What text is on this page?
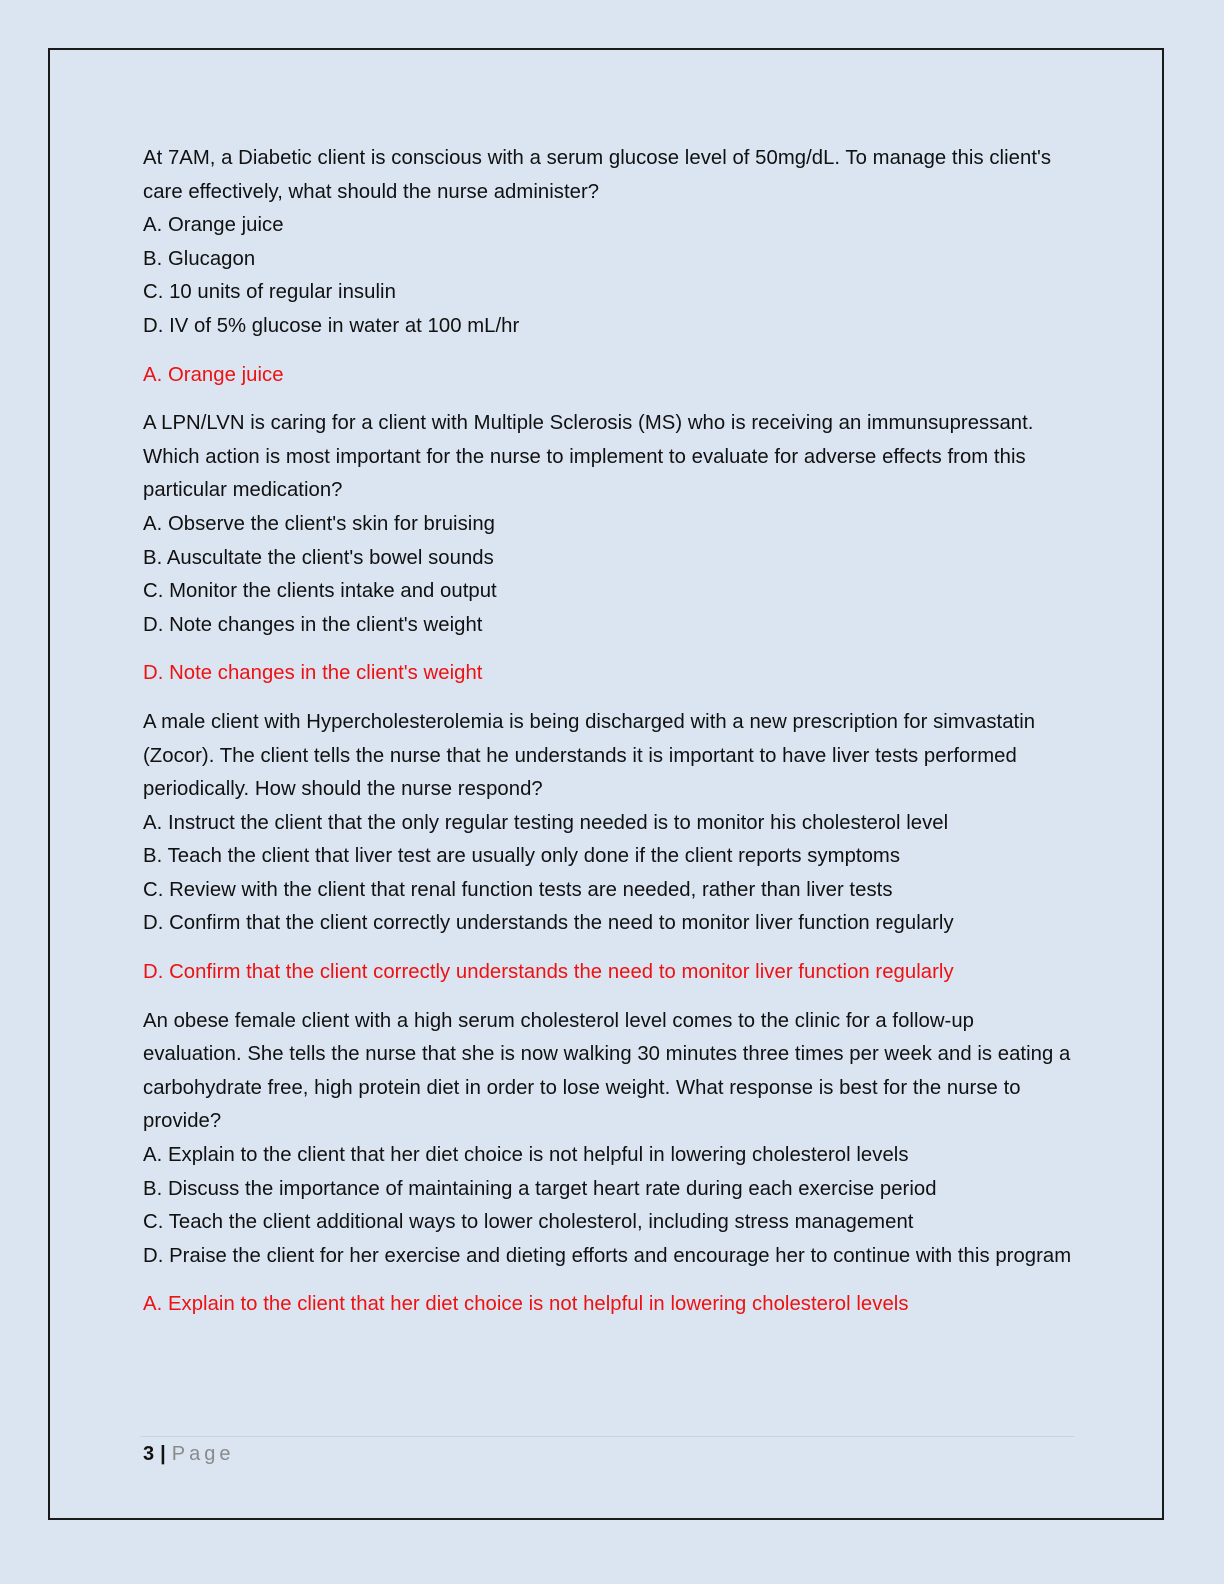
At 7AM, a Diabetic client is conscious with a serum glucose level of 50mg/dL. To manage this client's care effectively, what should the nurse administer?

A. Orange juice

B. Glucagon

C. 10 units of regular insulin

D. IV of 5% glucose in water at 100 mL/hr

A. Orange juice

A LPN/LVN is caring for a client with Multiple Sclerosis (MS) who is receiving an immunsupressant. Which action is most important for the nurse to implement to evaluate for adverse effects from this particular medication?

A. Observe the client's skin for bruising

B. Auscultate the client's bowel sounds

C. Monitor the clients intake and output

D. Note changes in the client's weight

D. Note changes in the client's weight

A male client with Hypercholesterolemia is being discharged with a new prescription for simvastatin (Zocor). The client tells the nurse that he understands it is important to have liver tests performed periodically. How should the nurse respond?

A. Instruct the client that the only regular testing needed is to monitor his cholesterol level

B. Teach the client that liver test are usually only done if the client reports symptoms

C. Review with the client that renal function tests are needed, rather than liver tests

D. Confirm that the client correctly understands the need to monitor liver function regularly

D. Confirm that the client correctly understands the need to monitor liver function regularly

An obese female client with a high serum cholesterol level comes to the clinic for a follow-up evaluation. She tells the nurse that she is now walking 30 minutes three times per week and is eating a carbohydrate free, high protein diet in order to lose weight. What response is best for the nurse to provide?

A. Explain to the client that her diet choice is not helpful in lowering cholesterol levels

B. Discuss the importance of maintaining a target heart rate during each exercise period

C. Teach the client additional ways to lower cholesterol, including stress management

D. Praise the client for her exercise and dieting efforts and encourage her to continue with this program

A. Explain to the client that her diet choice is not helpful in lowering cholesterol levels

3 | Page
